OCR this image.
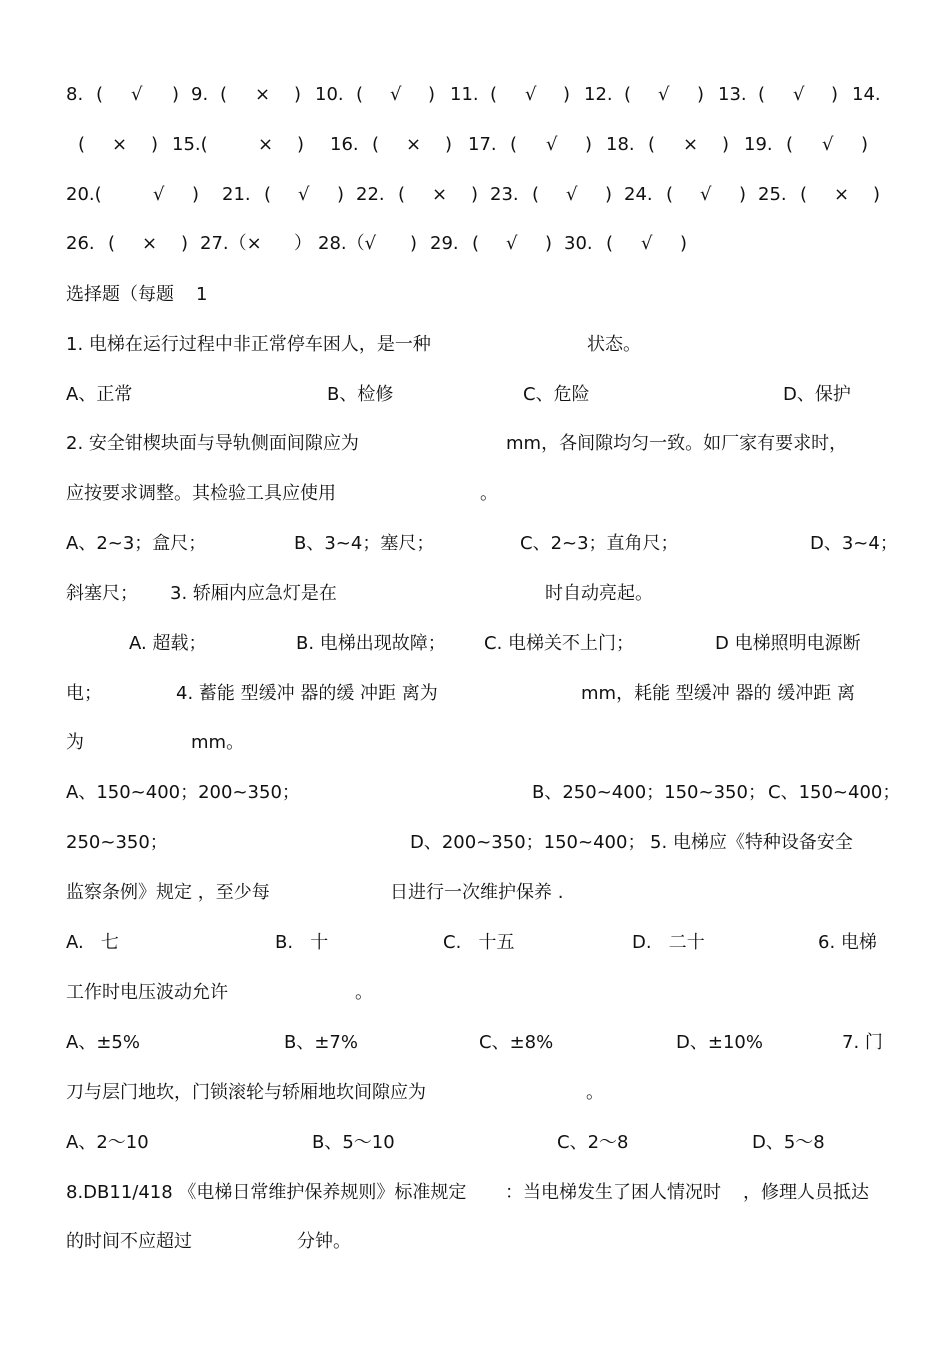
8. ( √ ) 9. ( × ) 10. ( √ ) 11. ( √ ) 12. ( √ ) 13. ( √ ) 14.
( × ) 15.(	× ) 16. ( × ) 17. ( √ ) 18. ( × ) 19. ( √ )
20.(	√ ) 21. ( √ ) 22. ( × ) 23. ( √ ) 24. ( √ ) 25. ( × )
26. ( × ) 27.（× ） 28.（√ ) 29. ( √ ) 30. ( √ )
选择题（每题 1
1. 电梯在运行过程中非正常停车困人，是一种	状态。
A、正常	B、检修	C、危险	D、保护
2. 安全钳楔块面与导轨侧面间隙应为	mm，各间隙均匀一致。如厂家有要求时，
应按要求调整。其检验工具应使用	。
A、2~3；盒尺；	B、3~4；塞尺；	C、2~3；直角尺；	D、3~4；
斜塞尺； 3. 轿厢内应急灯是在	时自动亮起。
A. 超载；	B. 电梯出现故障； C. 电梯关不上门；	D 电梯照明电源断
电；	4. 蓄能 型缓冲 器的缓 冲距 离为	mm，耗能 型缓冲 器的 缓冲距 离
为	mm。
A、150~400；200~350；	B、250~400；150~350； C、150~400；
250~350；	D、200~350；150~400； 5. 电梯应《特种设备安全
监察条例》规定 ，至少每	日进行一次维护保养 .
A.   七	B.   十	C.   十五	D.   二十	6. 电梯
工作时电压波动允许	。
A、±5%	B、±7%	C、±8%	D、±10%	7. 门
刀与层门地坎，门锁滚轮与轿厢地坎间隙应为	。
A、2～10	B、5～10	C、2～8	D、5～8
8.DB11/418 《电梯日常维护保养规则》标准规定 ：当电梯发生了困人情况时 ，修理人员抵达
的时间不应超过	分钟。
